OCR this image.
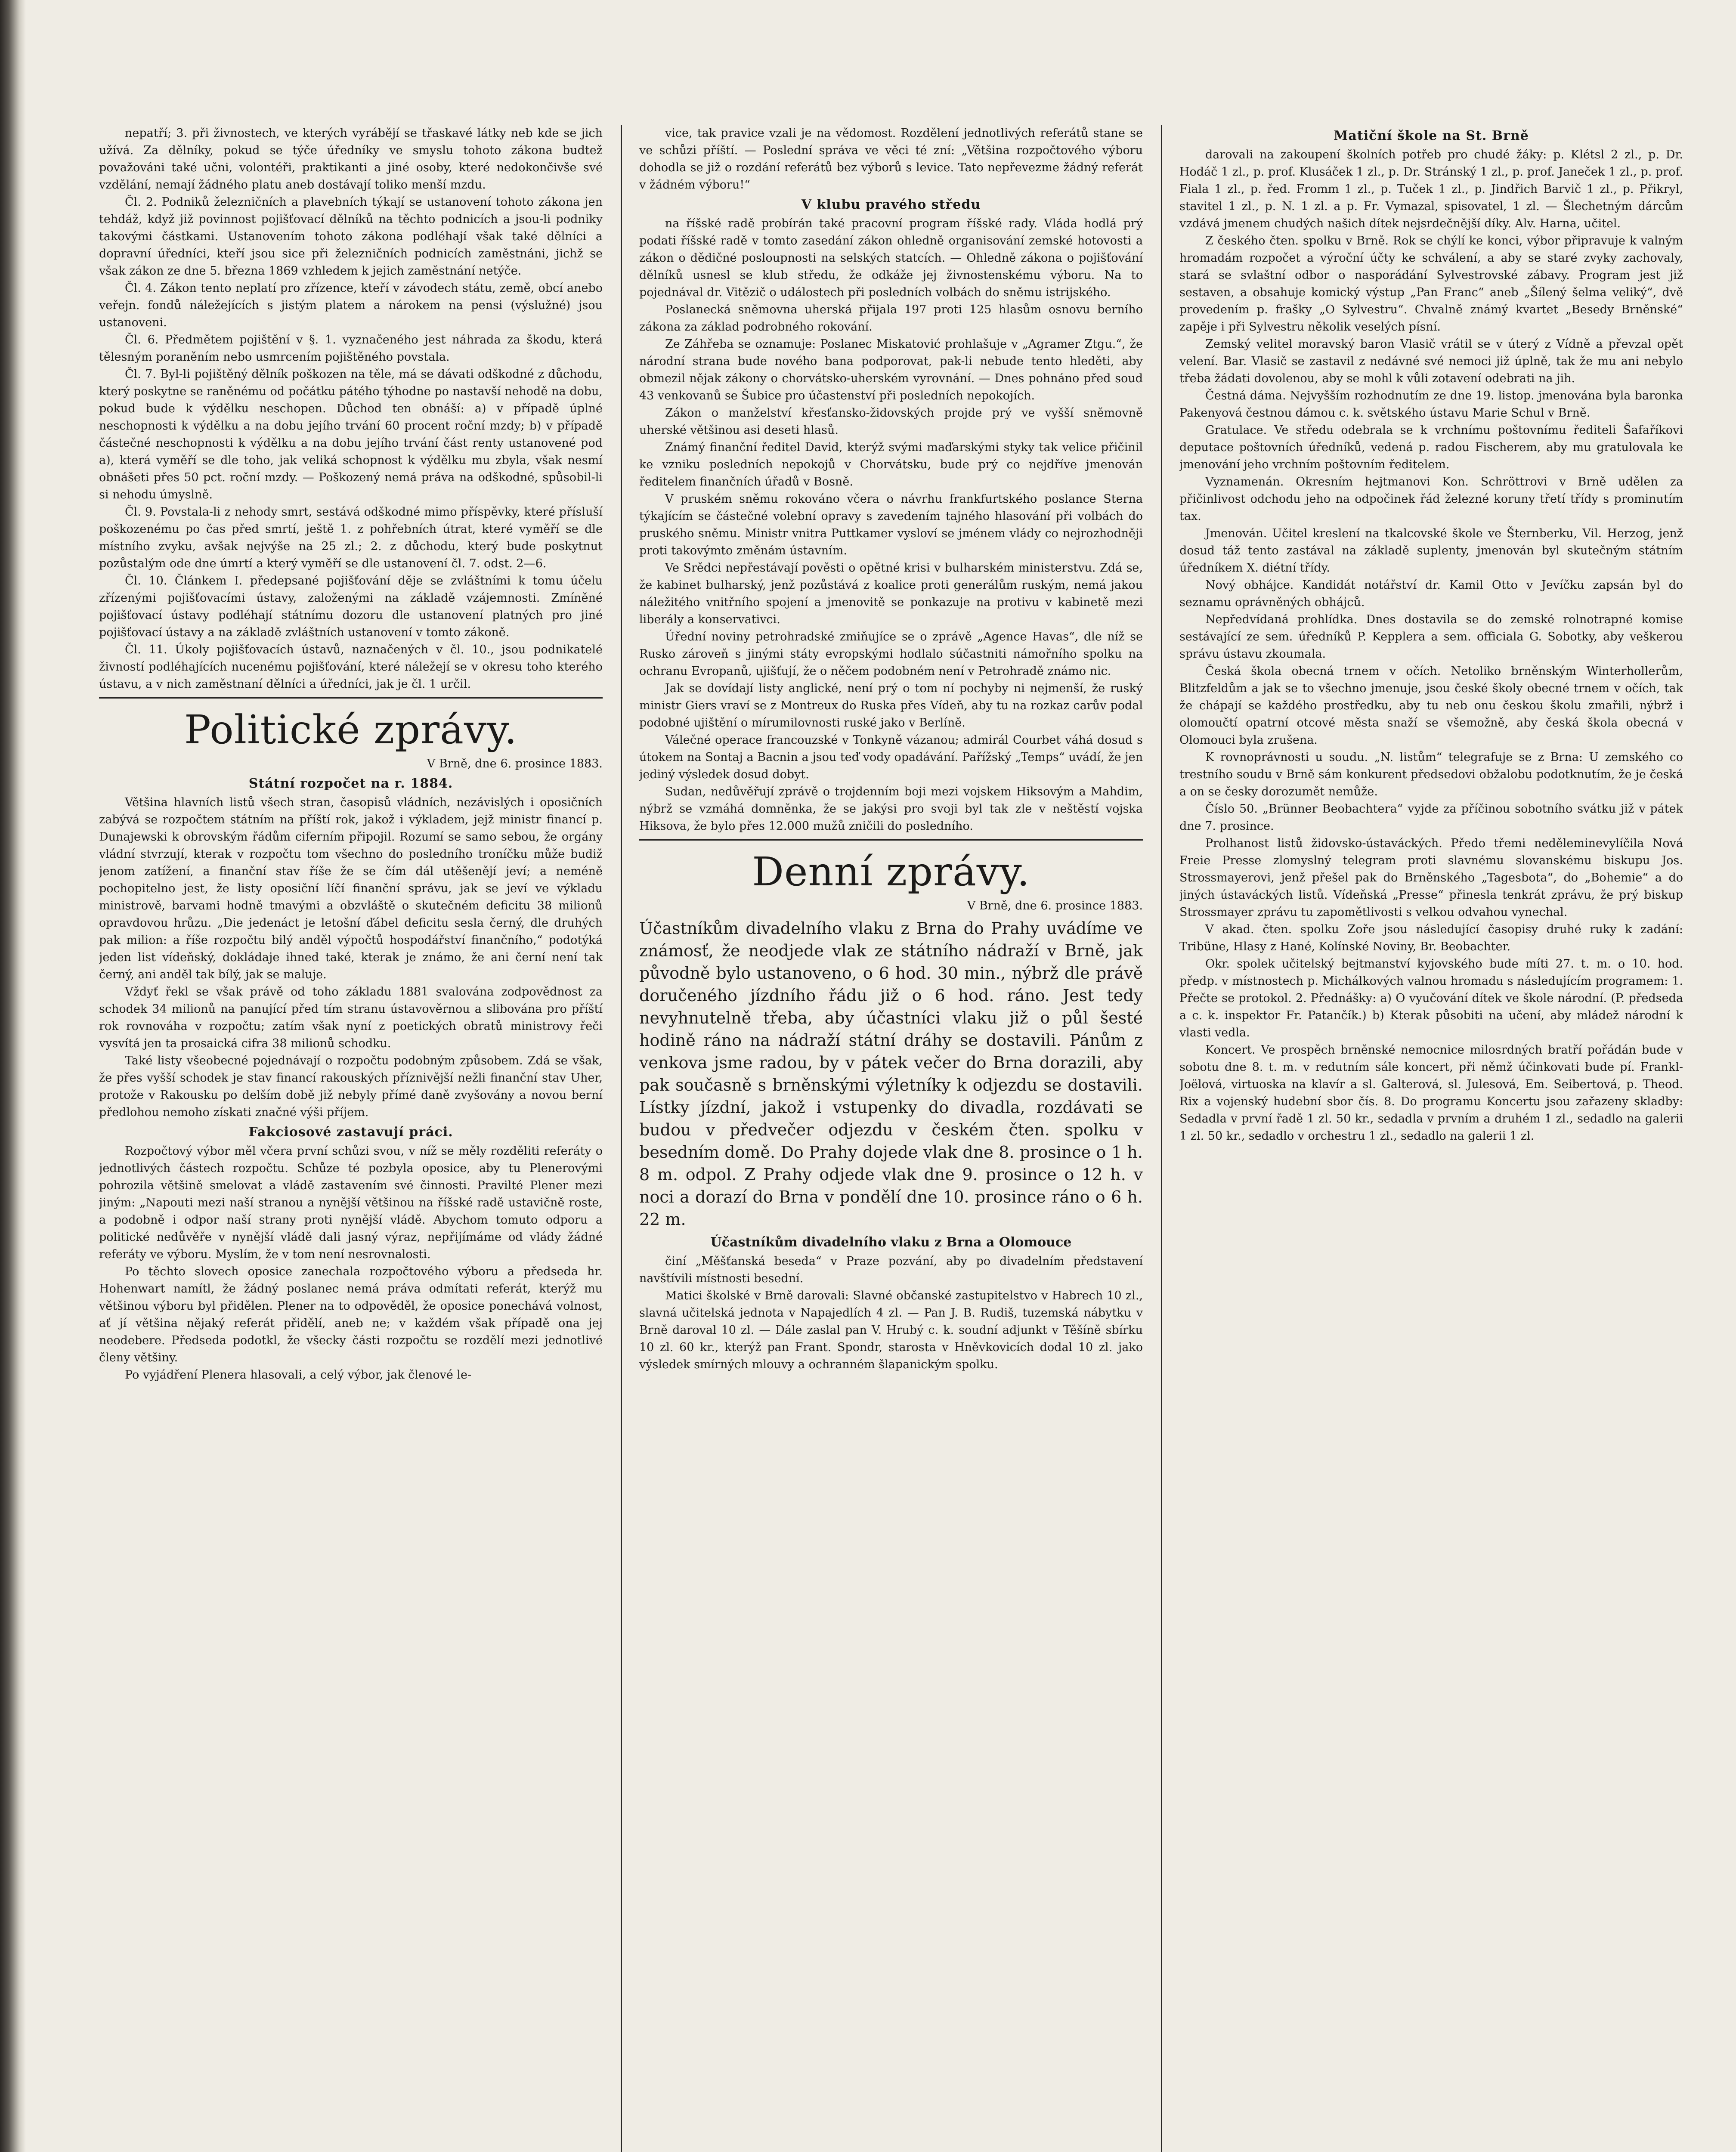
nepatří; 3. při živnostech, ve kterých vyrábějí se třaskavé látky neb kde se jich užívá. Za dělníky, pokud se týče úředníky ve smyslu tohoto zákona budtež považováni také učni, volontéři, praktikanti a jiné osoby, které nedokončivše své vzdělání, nemají žádného platu aneb dostávají toliko menší mzdu.

Čl. 2. Podniků železničních a plavebních týkají se ustanovení tohoto zákona jen tehdáž, když již povinnost pojišťovací dělníků na těchto podnicích a jsou-li podniky takovými částkami. Ustanovením tohoto zákona podléhají však také dělníci a dopravní úředníci, kteří jsou sice při železničních podnicích zaměstnáni, jichž se však zákon ze dne 5. března 1869 vzhledem k jejich zaměstnání netýče.

Čl. 4. Zákon tento neplatí pro zřízence, kteří v závodech státu, země, obcí anebo veřejn. fondů náležejících s jistým platem a nárokem na pensi (výslužné) jsou ustanoveni.

Čl. 6. Předmětem pojištění v §. 1. vyznačeného jest náhrada za škodu, která tělesným poraněním nebo usmrcením pojištěného povstala.

Čl. 7. Byl-li pojištěný dělník poškozen na těle, má se dávati odškodné z důchodu, který poskytne se raněnému od počátku pátého týhodne po nastavší nehodě na dobu, pokud bude k výdělku neschopen. Důchod ten obnáší: a) v případě úplné neschopnosti k výdělku a na dobu jejího trvání 60 procent roční mzdy; b) v případě částečné neschopnosti k výdělku a na dobu jejího trvání část renty ustanovené pod a), která vyměří se dle toho, jak veliká schopnost k výdělku mu zbyla, však nesmí obnášeti přes 50 pct. roční mzdy. — Poškozený nemá práva na odškodné, spůsobil-li si nehodu úmyslně.

Čl. 9. Povstala-li z nehody smrt, sestává odškodné mimo příspěvky, které přísluší poškozenému po čas před smrtí, ještě 1. z pohřebních útrat, které vyměří se dle místního zvyku, avšak nejvýše na 25 zl.; 2. z důchodu, který bude poskytnut pozůstalým ode dne úmrtí a který vyměří se dle ustanovení čl. 7. odst. 2—6.

Čl. 10. Článkem I. předepsané pojišťování děje se zvláštními k tomu účelu zřízenými pojišťovacími ústavy, založenými na základě vzájemnosti. Zmíněné pojišťovací ústavy podléhají státnímu dozoru dle ustanovení platných pro jiné pojišťovací ústavy a na základě zvláštních ustanovení v tomto zákoně.

Čl. 11. Úkoly pojišťovacích ústavů, naznačených v čl. 10., jsou podnikatelé živností podléhajících nucenému pojišťování, které náležejí se v okresu toho kterého ústavu, a v nich zaměstnaní dělníci a úředníci, jak je čl. 1 určil.

Politické zprávy.
V Brně, dne 6. prosince 1883.
Státní rozpočet na r. 1884.

Většina hlavních listů všech stran, časopisů vládních, nezávislých i oposičních zabývá se rozpočtem státním na příští rok, jakož i výkladem, jejž ministr financí p. Dunajewski k obrovským řádům ciferním připojil. Rozumí se samo sebou, že orgány vládní stvrzují, kterak v rozpočtu tom všechno do posledního troníčku může budiž jenom zatížení, a finanční stav říše že se čím dál utěšenějí jeví; a neméně pochopitelno jest, že listy oposiční líčí finanční správu, jak se jeví ve výkladu ministrově, barvami hodně tmavými a obzvláště o skutečném deficitu 38 milionů opravdovou hrůzu. „Die jedenáct je letošní ďábel deficitu sesla černý, dle druhých pak milion: a říše rozpočtu bilý anděl výpočtů hospodářství finančního,“ podotýká jeden list vídeňský, dokládaje ihned také, kterak je známo, že ani černí není tak černý, ani anděl tak bílý, jak se maluje.

Vždyť řekl se však právě od toho základu 1881 svalována zodpovědnost za schodek 34 milionů na panující před tím stranu ústavověrnou a slibována pro příští rok rovnováha v rozpočtu; zatím však nyní z poetických obratů ministrovy řeči vysvítá jen ta prosaická cifra 38 milionů schodku.

Také listy všeobecné pojednávají o rozpočtu podobným způsobem. Zdá se však, že přes vyšší schodek je stav financí rakouských příznivější nežli finanční stav Uher, protože v Rakousku po delším době již nebyly přímé daně zvyšovány a novou berní předlohou nemoho získati značné výši příjem.

Fakciosové zastavují práci.

Rozpočtový výbor měl včera první schůzi svou, v níž se měly rozděliti referáty o jednotlivých částech rozpočtu. Schůze té pozbyla oposice, aby tu Plenerovými pohrozila většině smelovat a vládě zastavením své činnosti. Pravilté Plener mezi jiným: „Napouti mezi naší stranou a nynější většinou na říšské radě ustavičně roste, a podobně i odpor naší strany proti nynější vládě. Abychom tomuto odporu a politické nedůvěře v nynější vládě dali jasný výraz, nepřijímáme od vlády žádné referáty ve výboru. Myslím, že v tom není nesrovnalosti.

Po těchto slovech oposice zanechala rozpočtového výboru a předseda hr. Hohenwart namítl, že žádný poslanec nemá práva odmítati referát, kterýž mu většinou výboru byl přidělen. Plener na to odpověděl, že oposice ponechává volnost, ať jí většina nějaký referát přidělí, aneb ne; v každém však případě ona jej neodebere. Předseda podotkl, že všecky části rozpočtu se rozdělí mezi jednotlivé členy většiny.

Po vyjádření Plenera hlasovali, a celý výbor, jak členové le-

vice, tak pravice vzali je na vědomost. Rozdělení jednotlivých referátů stane se ve schůzi příští. — Poslední správa ve věci té zní: „Většina rozpočtového výboru dohodla se již o rozdání referátů bez výborů s levice. Tato nepřevezme žádný referát v žádném výboru!“

V klubu pravého středu

na říšské radě probírán také pracovní program říšské rady. Vláda hodlá prý podati říšské radě v tomto zasedání zákon ohledně organisování zemské hotovosti a zákon o dědičné posloupnosti na selských statcích. — Ohledně zákona o pojišťování dělníků usnesl se klub středu, že odkáže jej živnostenskému výboru. Na to pojednával dr. Vitězič o událostech při posledních volbách do sněmu istrijského.

Poslanecká sněmovna uherská přijala 197 proti 125 hlasům osnovu berního zákona za základ podrobného rokování.

Ze Záhřeba se oznamuje: Poslanec Miskatović prohlašuje v „Agramer Ztgu.“, že národní strana bude nového bana podporovat, pak-li nebude tento hleděti, aby obmezil nějak zákony o chorvátsko-uherském vyrovnání. — Dnes pohnáno před soud 43 venkovanů se Šubice pro účastenství při posledních nepokojích.

Zákon o manželství křesťansko-židovských projde prý ve vyšší sněmovně uherské většinou asi deseti hlasů.

Známý finanční ředitel David, kterýž svými maďarskými styky tak velice přičinil ke vzniku posledních nepokojů v Chorvátsku, bude prý co nejdříve jmenován ředitelem finančních úřadů v Bosně.

V pruském sněmu rokováno včera o návrhu frankfurtského poslance Sterna týkajícím se částečné volební opravy s zavedením tajného hlasování při volbách do pruského sněmu. Ministr vnitra Puttkamer vysloví se jménem vlády co nejrozhodněji proti takovýmto změnám ústavním.

Ve Srědci nepřestávají pověsti o opětné krisi v bulharském ministerstvu. Zdá se, že kabinet bulharský, jenž pozůstává z koalice proti generálům ruským, nemá jakou náležitého vnitřního spojení a jmenovitě se ponkazuje na protivu v kabinetě mezi liberály a konservativci.

Úřední noviny petrohradské zmiňujíce se o zprávě „Agence Havas“, dle níž se Rusko zároveň s jinými státy evropskými hodlalo súčastniti námořního spolku na ochranu Evropanů, ujišťují, že o něčem podobném není v Petrohradě známo nic.

Jak se dovídají listy anglické, není prý o tom ní pochyby ni nejmenší, že ruský ministr Giers vraví se z Montreux do Ruska přes Vídeň, aby tu na rozkaz carův podal podobné ujištění o mírumilovnosti ruské jako v Berlíně.

Válečné operace francouzské v Tonkyně vázanou; admirál Courbet váhá dosud s útokem na Sontaj a Bacnin a jsou teď vody opadávání. Pařížský „Temps“ uvádí, že jen jediný výsledek dosud dobyt.

Sudan, nedůvěřují zprávě o trojdenním boji mezi vojskem Hiksovým a Mahdim, nýbrž se vzmáhá domněnka, že se jakýsi pro svoji byl tak zle v neštěstí vojska Hiksova, že bylo přes 12.000 mužů zničili do posledního.

Denní zprávy.
V Brně, dne 6. prosince 1883.
Účastníkům divadelního vlaku z Brna do Prahy uvádíme ve známosť, že neodjede vlak ze státního nádraží v Brně, jak původně bylo ustanoveno, o 6 hod. 30 min., nýbrž dle právě doručeného jízdního řádu již o 6 hod. ráno. Jest tedy nevyhnutelně třeba, aby účastníci vlaku již o půl šesté hodině ráno na nádraží státní dráhy se dostavili. Pánům z venkova jsme radou, by v pátek večer do Brna dorazili, aby pak současně s brněnskými výletníky k odjezdu se dostavili. Lístky jízdní, jakož i vstupenky do divadla, rozdávati se budou v předvečer odjezdu v českém čten. spolku v besedním domě. Do Prahy dojede vlak dne 8. prosince o 1 h. 8 m. odpol. Z Prahy odjede vlak dne 9. prosince o 12 h. v noci a dorazí do Brna v pondělí dne 10. prosince ráno o 6 h. 22 m.
Účastníkům divadelního vlaku z Brna a Olomouce

činí „Měšťanská beseda“ v Praze pozvání, aby po divadelním představení navštívili místnosti besední.

Matici školské v Brně darovali: Slavné občanské zastupitelstvo v Habrech 10 zl., slavná učitelská jednota v Napajedlích 4 zl. — Pan J. B. Rudiš, tuzemská nábytku v Brně daroval 10 zl. — Dále zaslal pan V. Hrubý c. k. soudní adjunkt v Těšíně sbírku 10 zl. 60 kr., kterýž pan Frant. Spondr, starosta v Hněvkovicích dodal 10 zl. jako výsledek smírných mlouvy a ochranném šlapanickým spolku.

Matiční škole na St. Brně

darovali na zakoupení školních potřeb pro chudé žáky: p. Klétsl 2 zl., p. Dr. Hodáč 1 zl., p. prof. Klusáček 1 zl., p. Dr. Stránský 1 zl., p. prof. Janeček 1 zl., p. prof. Fiala 1 zl., p. řed. Fromm 1 zl., p. Tuček 1 zl., p. Jindřich Barvič 1 zl., p. Přikryl, stavitel 1 zl., p. N. 1 zl. a p. Fr. Vymazal, spisovatel, 1 zl. — Šlechetným dárcům vzdává jmenem chudých našich dítek nejsrdečnější díky. Alv. Harna, učitel.

Z českého čten. spolku v Brně. Rok se chýlí ke konci, výbor připravuje k valným hromadám rozpočet a výroční účty ke schválení, a aby se staré zvyky zachovaly, stará se svlaštní odbor o nasporádání Sylvestrovské zábavy. Program jest již sestaven, a obsahuje komický výstup „Pan Franc“ aneb „Šílený šelma veliký“, dvě provedením p. frašky „O Sylvestru“. Chvalně známý kvartet „Besedy Brněnské“ zapěje i při Sylvestru několik veselých písní.

Zemský velitel moravský baron Vlasič vrátil se v úterý z Vídně a převzal opět velení. Bar. Vlasič se zastavil z nedávné své nemoci již úplně, tak že mu ani nebylo třeba žádati dovolenou, aby se mohl k vůli zotavení odebrati na jih.

Čestná dáma. Nejvyšším rozhodnutím ze dne 19. listop. jmenována byla baronka Pakenyová čestnou dámou c. k. světského ústavu Marie Schul v Brně.

Gratulace. Ve středu odebrala se k vrchnímu poštovnímu řediteli Šafaříkovi deputace poštovních úředníků, vedená p. radou Fischerem, aby mu gratulovala ke jmenování jeho vrchním poštovním ředitelem.

Vyznamenán. Okresním hejtmanovi Kon. Schröttrovi v Brně udělen za přičinlivost odchodu jeho na odpočinek řád železné koruny třetí třídy s prominutím tax.

Jmenován. Učitel kreslení na tkalcovské škole ve Šternberku, Vil. Herzog, jenž dosud táž tento zastával na základě suplenty, jmenován byl skutečným státním úředníkem X. diétní třídy.

Nový obhájce. Kandidát notářství dr. Kamil Otto v Jevíčku zapsán byl do seznamu oprávněných obhájců.

Nepředvídaná prohlídka. Dnes dostavila se do zemské rolnotrapné komise sestávající ze sem. úředníků P. Kepplera a sem. officiala G. Sobotky, aby veškerou správu ústavu zkoumala.

Česká škola obecná trnem v očích. Netoliko brněnským Winterhollerům, Blitzfeldům a jak se to všechno jmenuje, jsou české školy obecné trnem v očích, tak že chápají se každého prostředku, aby tu neb onu českou školu zmařili, nýbrž i olomoučtí opatrní otcové města snaží se všemožně, aby česká škola obecná v Olomouci byla zrušena.

K rovnoprávnosti u soudu. „N. listům“ telegrafuje se z Brna: U zemského co trestního soudu v Brně sám konkurent předsedovi obžalobu podotknutím, že je česká a on se česky dorozumět nemůže.

Číslo 50. „Brünner Beobachtera“ vyjde za příčinou sobotního svátku již v pátek dne 7. prosince.

Prolhanost listů židovsko-ústaváckých. Předo třemi neděleminevylíčila Nová Freie Presse zlomyslný telegram proti slavnému slovanskému biskupu Jos. Strossmayerovi, jenž přešel pak do Brněnského „Tagesbota“, do „Bohemie“ a do jiných ústaváckých listů. Vídeňská „Presse“ přinesla tenkrát zprávu, že prý biskup Strossmayer zprávu tu zapomětlivosti s velkou odvahou vynechal.

V akad. čten. spolku Zoře jsou následující časopisy druhé ruky k zadání: Tribüne, Hlasy z Hané, Kolínské Noviny, Br. Beobachter.

Okr. spolek učitelský bejtmanství kyjovského bude míti 27. t. m. o 10. hod. předp. v místnostech p. Michálkových valnou hromadu s následujícím programem: 1. Přečte se protokol. 2. Přednášky: a) O vyučování dítek ve škole národní. (P. předseda a c. k. inspektor Fr. Patančík.) b) Kterak působiti na učení, aby mládež národní k vlasti vedla.

Koncert. Ve prospěch brněnské nemocnice milosrdných bratří pořádán bude v sobotu dne 8. t. m. v redutním sále koncert, při němž účinkovati bude pí. Frankl-Joëlová, virtuoska na klavír a sl. Galterová, sl. Julesová, Em. Seibertová, p. Theod. Rix a vojenský hudební sbor čís. 8. Do programu Koncertu jsou zařazeny skladby: Sedadla v první řadě 1 zl. 50 kr., sedadla v prvním a druhém 1 zl., sedadlo na galerii 1 zl. 50 kr., sedadlo v orchestru 1 zl., sedadlo na galerii 1 zl.
